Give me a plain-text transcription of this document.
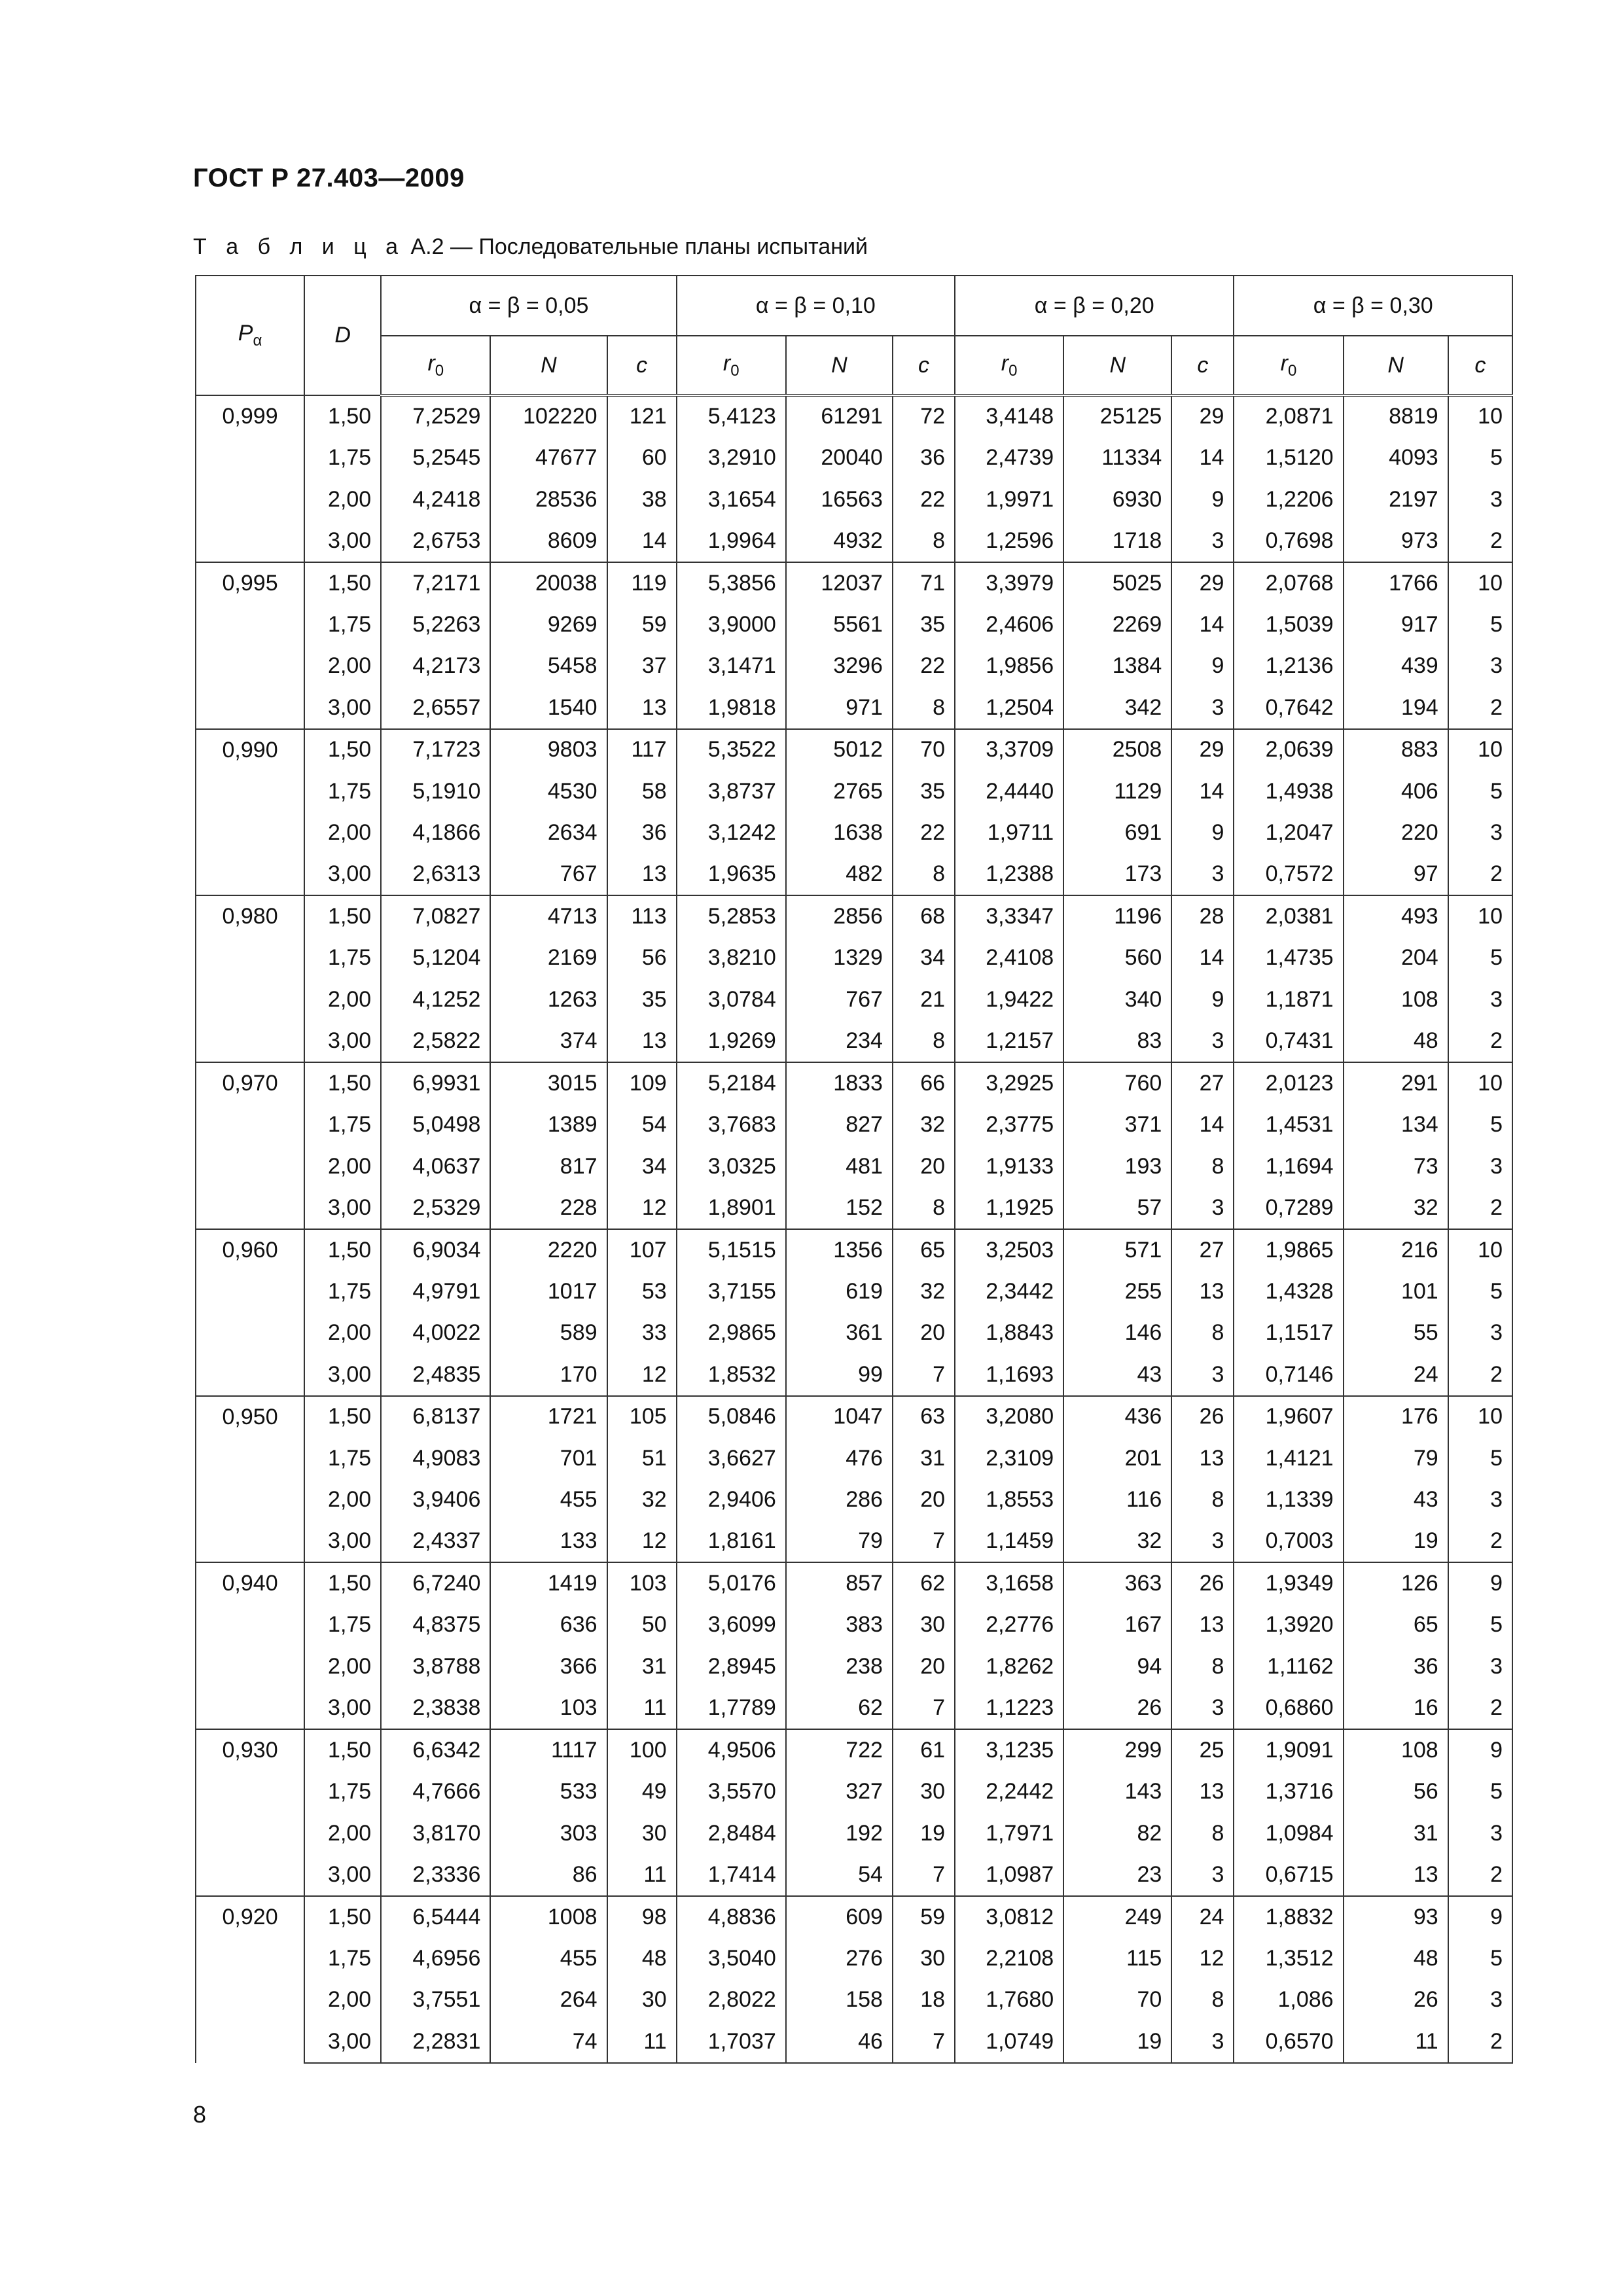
ГОСТ Р 27.403—2009
Т а б л и ц а А.2 — Последовательные планы испытаний
$P_\alpha$	D	α = β = 0,05			α = β = 0,10			α = β = 0,20			α = β = 0,30		
		$r_0$	N	c	$r_0$	N	c	$r_0$	N	c	$r_0$	N	c
0,999	1,50	7,2529	102220	121	5,4123	61291	72	3,4148	25125	29	2,0871	8819	10
	1,75	5,2545	47677	60	3,2910	20040	36	2,4739	11334	14	1,5120	4093	5
	2,00	4,2418	28536	38	3,1654	16563	22	1,9971	6930	9	1,2206	2197	3
	3,00	2,6753	8609	14	1,9964	4932	8	1,2596	1718	3	0,7698	973	2
0,995	1,50	7,2171	20038	119	5,3856	12037	71	3,3979	5025	29	2,0768	1766	10
	1,75	5,2263	9269	59	3,9000	5561	35	2,4606	2269	14	1,5039	917	5
	2,00	4,2173	5458	37	3,1471	3296	22	1,9856	1384	9	1,2136	439	3
	3,00	2,6557	1540	13	1,9818	971	8	1,2504	342	3	0,7642	194	2
0,990	1,50	7,1723	9803	117	5,3522	5012	70	3,3709	2508	29	2,0639	883	10
	1,75	5,1910	4530	58	3,8737	2765	35	2,4440	1129	14	1,4938	406	5
	2,00	4,1866	2634	36	3,1242	1638	22	1,9711	691	9	1,2047	220	3
	3,00	2,6313	767	13	1,9635	482	8	1,2388	173	3	0,7572	97	2
0,980	1,50	7,0827	4713	113	5,2853	2856	68	3,3347	1196	28	2,0381	493	10
	1,75	5,1204	2169	56	3,8210	1329	34	2,4108	560	14	1,4735	204	5
	2,00	4,1252	1263	35	3,0784	767	21	1,9422	340	9	1,1871	108	3
	3,00	2,5822	374	13	1,9269	234	8	1,2157	83	3	0,7431	48	2
0,970	1,50	6,9931	3015	109	5,2184	1833	66	3,2925	760	27	2,0123	291	10
	1,75	5,0498	1389	54	3,7683	827	32	2,3775	371	14	1,4531	134	5
	2,00	4,0637	817	34	3,0325	481	20	1,9133	193	8	1,1694	73	3
	3,00	2,5329	228	12	1,8901	152	8	1,1925	57	3	0,7289	32	2
0,960	1,50	6,9034	2220	107	5,1515	1356	65	3,2503	571	27	1,9865	216	10
	1,75	4,9791	1017	53	3,7155	619	32	2,3442	255	13	1,4328	101	5
	2,00	4,0022	589	33	2,9865	361	20	1,8843	146	8	1,1517	55	3
	3,00	2,4835	170	12	1,8532	99	7	1,1693	43	3	0,7146	24	2
0,950	1,50	6,8137	1721	105	5,0846	1047	63	3,2080	436	26	1,9607	176	10
	1,75	4,9083	701	51	3,6627	476	31	2,3109	201	13	1,4121	79	5
	2,00	3,9406	455	32	2,9406	286	20	1,8553	116	8	1,1339	43	3
	3,00	2,4337	133	12	1,8161	79	7	1,1459	32	3	0,7003	19	2
0,940	1,50	6,7240	1419	103	5,0176	857	62	3,1658	363	26	1,9349	126	9
	1,75	4,8375	636	50	3,6099	383	30	2,2776	167	13	1,3920	65	5
	2,00	3,8788	366	31	2,8945	238	20	1,8262	94	8	1,1162	36	3
	3,00	2,3838	103	11	1,7789	62	7	1,1223	26	3	0,6860	16	2
0,930	1,50	6,6342	1117	100	4,9506	722	61	3,1235	299	25	1,9091	108	9
	1,75	4,7666	533	49	3,5570	327	30	2,2442	143	13	1,3716	56	5
	2,00	3,8170	303	30	2,8484	192	19	1,7971	82	8	1,0984	31	3
	3,00	2,3336	86	11	1,7414	54	7	1,0987	23	3	0,6715	13	2
0,920	1,50	6,5444	1008	98	4,8836	609	59	3,0812	249	24	1,8832	93	9
	1,75	4,6956	455	48	3,5040	276	30	2,2108	115	12	1,3512	48	5
	2,00	3,7551	264	30	2,8022	158	18	1,7680	70	8	1,086	26	3
	3,00	2,2831	74	11	1,7037	46	7	1,0749	19	3	0,6570	11	2
8
